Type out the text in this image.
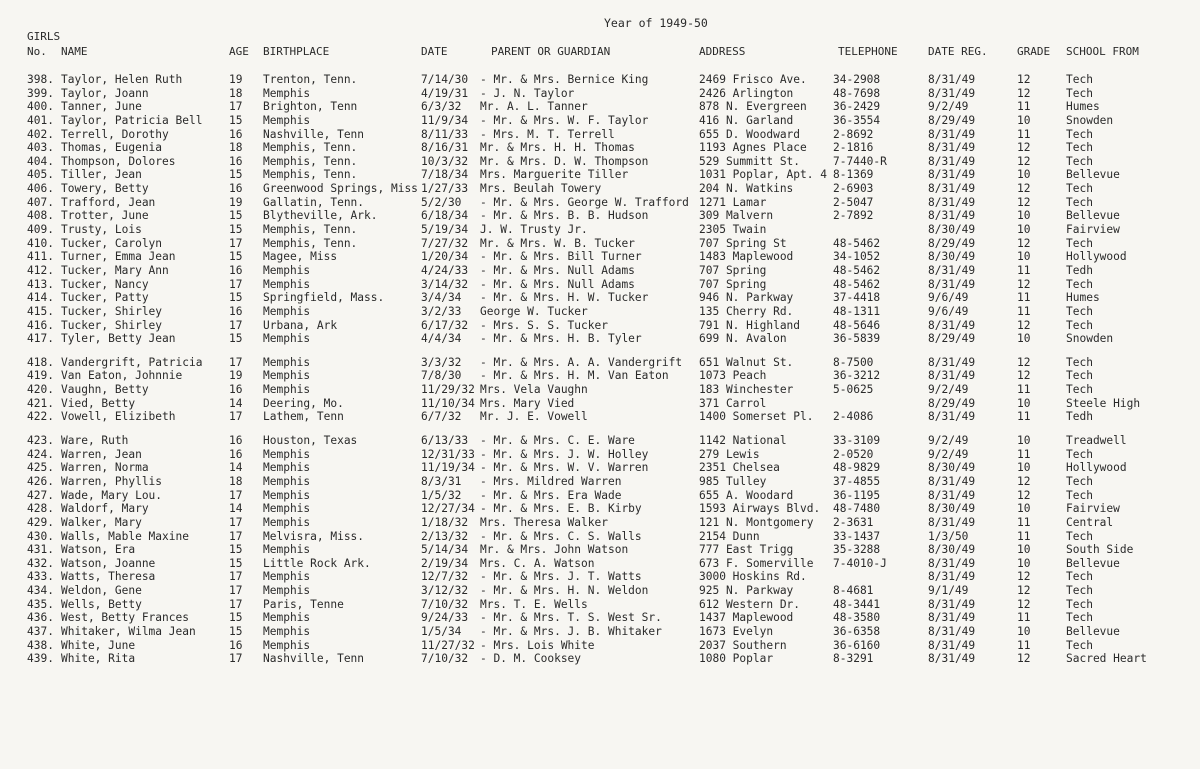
Year of 1949-50
GIRLS
No. NAME	AGE BIRTHPLACE	DATE	PARENT OR GUARDIAN	ADDRESS	TELEPHONE	DATE REG.	GRADE SCHOOL FROM
398. Taylor, Helen Ruth	19 Trenton, Tenn.	7/14/30 - Mr. & Mrs. Bernice King	2469 Frisco Ave. 34-2908	8/31/49	12	Tech
399. Taylor, Joann	18 Memphis	4/19/31 - J. N. Taylor	2426 Arlington	48-7698	8/31/49	12	Tech
400. Tanner, June	17 Brighton, Tenn	6/3/32 Mr. A. L. Tanner	878 N. Evergreen 36-2429	9/2/49	11	Humes
401. Taylor, Patricia Bell 15 Memphis	11/9/34 - Mr. & Mrs. W. F. Taylor	416 N. Garland	36-3554	8/29/49	10	Snowden
402. Terrell, Dorothy	16 Nashville, Tenn	8/11/33 - Mrs. M. T. Terrell	655 D. Woodward	2-8692	8/31/49	11	Tech
403. Thomas, Eugenia	18 Memphis, Tenn.	8/16/31 Mr. & Mrs. H. H. Thomas	1193 Agnes Place 2-1816	8/31/49	12	Tech
404. Thompson, Dolores	16 Memphis, Tenn.	10/3/32 Mr. & Mrs. D. W. Thompson	529 Summitt St.	7-7440-R	8/31/49	12	Tech
405. Tiller, Jean	15 Memphis, Tenn.	7/18/34 Mrs. Marguerite Tiller	1031 Poplar, Apt. 4 8-1369	8/31/49	10	Bellevue
406. Towery, Betty	16 Greenwood Springs, Miss 1/27/33 Mrs. Beulah Towery	204 N. Watkins	2-6903	8/31/49	12	Tech
407. Trafford, Jean	19 Gallatin, Tenn.	5/2/30 - Mr. & Mrs. George W. Trafford 1271 Lamar	2-5047	8/31/49	12	Tech
408. Trotter, June	15 Blytheville, Ark.	6/18/34 - Mr. & Mrs. B. B. Hudson	309 Malvern	2-7892	8/31/49	10	Bellevue
409. Trusty, Lois	15 Memphis, Tenn.	5/19/34 J. W. Trusty Jr.	2305 Twain	8/30/49	10	Fairview
410. Tucker, Carolyn	17 Memphis, Tenn.	7/27/32 Mr. & Mrs. W. B. Tucker	707 Spring St	48-5462	8/29/49	12	Tech
411. Turner, Emma Jean	15 Magee, Miss	1/20/34 - Mr. & Mrs. Bill Turner	1483 Maplewood	34-1052	8/30/49	10	Hollywood
412. Tucker, Mary Ann	16 Memphis	4/24/33 - Mr. & Mrs. Null Adams	707 Spring	48-5462	8/31/49	11	Tedh
413. Tucker, Nancy	17 Memphis	3/14/32 - Mr. & Mrs. Null Adams	707 Spring	48-5462	8/31/49	12	Tech
414. Tucker, Patty	15 Springfield, Mass.	3/4/34 - Mr. & Mrs. H. W. Tucker	946 N. Parkway	37-4418	9/6/49	11	Humes
415. Tucker, Shirley	16 Memphis	3/2/33 George W. Tucker	135 Cherry Rd.	48-1311	9/6/49	11	Tech
416. Tucker, Shirley	17 Urbana, Ark	6/17/32 - Mrs. S. S. Tucker	791 N. Highland	48-5646	8/31/49	12	Tech
417. Tyler, Betty Jean	15 Memphis	4/4/34 - Mr. & Mrs. H. B. Tyler	699 N. Avalon	36-5839	8/29/49	10	Snowden
418. Vandergrift, Patricia 17 Memphis	3/3/32 - Mr. & Mrs. A. A. Vandergrift 651 Walnut St.	8-7500	8/31/49	12	Tech
419. Van Eaton, Johnnie	19 Memphis	7/8/30 - Mr. & Mrs. H. M. Van Eaton	1073 Peach	36-3212	8/31/49	12	Tech
420. Vaughn, Betty	16 Memphis	11/29/32 Mrs. Vela Vaughn	183 Winchester	5-0625	9/2/49	11	Tech
421. Vied, Betty	14 Deering, Mo.	11/10/34 Mrs. Mary Vied	371 Carrol	8/29/49	10	Steele High
422. Vowell, Elizibeth	17 Lathem, Tenn	6/7/32 Mr. J. E. Vowell	1400 Somerset Pl. 2-4086	8/31/49	11	Tedh
423. Ware, Ruth	16 Houston, Texas	6/13/33 - Mr. & Mrs. C. E. Ware	1142 National	33-3109	9/2/49	10	Treadwell
424. Warren, Jean	16 Memphis	12/31/33 - Mr. & Mrs. J. W. Holley	279 Lewis	2-0520	9/2/49	11	Tech
425. Warren, Norma	14 Memphis	11/19/34 - Mr. & Mrs. W. V. Warren	2351 Chelsea	48-9829	8/30/49	10	Hollywood
426. Warren, Phyllis	18 Memphis	8/3/31 - Mrs. Mildred Warren	985 Tulley	37-4855	8/31/49	12	Tech
427. Wade, Mary Lou.	17 Memphis	1/5/32 - Mr. & Mrs. Era Wade	655 A. Woodard	36-1195	8/31/49	12	Tech
428. Waldorf, Mary	14 Memphis	12/27/34 - Mr. & Mrs. E. B. Kirby	1593 Airways Blvd. 48-7480	8/30/49	10	Fairview
429. Walker, Mary	17 Memphis	1/18/32 Mrs. Theresa Walker	121 N. Montgomery 2-3631	8/31/49	11	Central
430. Walls, Mable Maxine	17 Melvisra, Miss.	2/13/32 - Mr. & Mrs. C. S. Walls	2154 Dunn	33-1437	1/3/50	11	Tech
431. Watson, Era	15 Memphis	5/14/34 Mr. & Mrs. John Watson	777 East Trigg	35-3288	8/30/49	10	South Side
432. Watson, Joanne	15 Little Rock Ark.	2/19/34 Mrs. C. A. Watson	673 F. Somerville 7-4010-J	8/31/49	10	Bellevue
433. Watts, Theresa	17 Memphis	12/7/32 - Mr. & Mrs. J. T. Watts	3000 Hoskins Rd.	8/31/49	12	Tech
434. Weldon, Gene	17 Memphis	3/12/32 - Mr. & Mrs. H. N. Weldon	925 N. Parkway	8-4681	9/1/49	12	Tech
435. Wells, Betty	17 Paris, Tenne	7/10/32 Mrs. T. E. Wells	612 Western Dr.	48-3441	8/31/49	12	Tech
436. West, Betty Frances	15 Memphis	9/24/33 - Mr. & Mrs. T. S. West Sr.	1437 Maplewood	48-3580	8/31/49	11	Tech
437. Whitaker, Wilma Jean	15 Memphis	1/5/34 - Mr. & Mrs. J. B. Whitaker	1673 Evelyn	36-6358	8/31/49	10	Bellevue
438. White, June	16 Memphis	11/27/32 - Mrs. Lois White	2037 Southern	36-6160	8/31/49	11	Tech
439. White, Rita	17 Nashville, Tenn	7/10/32 - D. M. Cooksey	1080 Poplar	8-3291	8/31/49	12	Sacred Heart
